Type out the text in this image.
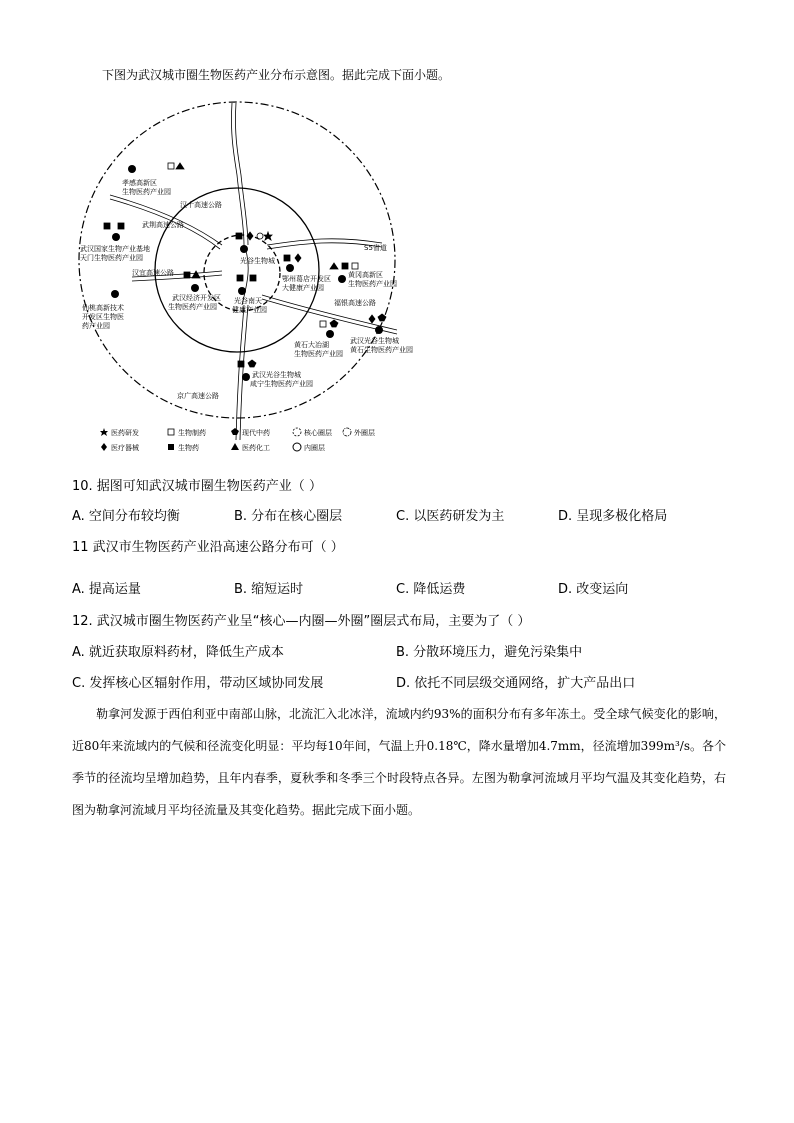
下图为武汉城市圈生物医药产业分布示意图。据此完成下面小题。
汉十高速公路
武荆高速公路
汉宜高速公路
S5省道
福银高速公路
京广高速公路
孝感高新区
生物医药产业园
武汉国家生物产业基地
天门生物医药产业园
仙桃高新技术
开发区生物医
药产业园
武汉经济开发区
生物医药产业园
光谷生物城
光谷南天
健康产业园
鄂州葛店开发区
大健康产业园
黄冈高新区
生物医药产业园
黄石大冶湖
生物医药产业园
武汉光谷生物城
黄石生物医药产业园
武汉光谷生物城
咸宁生物医药产业园
医药研发	生物制药	现代中药	核心圈层	外圈层
医疗器械	生物药	医药化工	内圈层
10. 据图可知武汉城市圈生物医药产业（ ）
A. 空间分布较均衡	B. 分布在核心圈层	C. 以医药研发为主	D. 呈现多极化格局
11 武汉市生物医药产业沿高速公路分布可（ ）
A. 提高运量	B. 缩短运时	C. 降低运费	D. 改变运向
12. 武汉城市圈生物医药产业呈“核心—内圈—外圈”圈层式布局，主要为了（ ）
A. 就近获取原料药材，降低生产成本	B. 分散环境压力，避免污染集中
C. 发挥核心区辐射作用，带动区域协同发展	D. 依托不同层级交通网络，扩大产品出口

勒拿河发源于西伯利亚中南部山脉，北流汇入北冰洋，流域内约93%的面积分布有多年冻土。受全球气候变化的影响，近80年来流域内的气候和径流变化明显：平均每10年间，气温上升0.18℃，降水量增加4.7mm，径流增加399m³/s。各个季节的径流均呈增加趋势，且年内春季，夏秋季和冬季三个时段特点各异。左图为勒拿河流域月平均气温及其变化趋势，右图为勒拿河流域月平均径流量及其变化趋势。据此完成下面小题。
